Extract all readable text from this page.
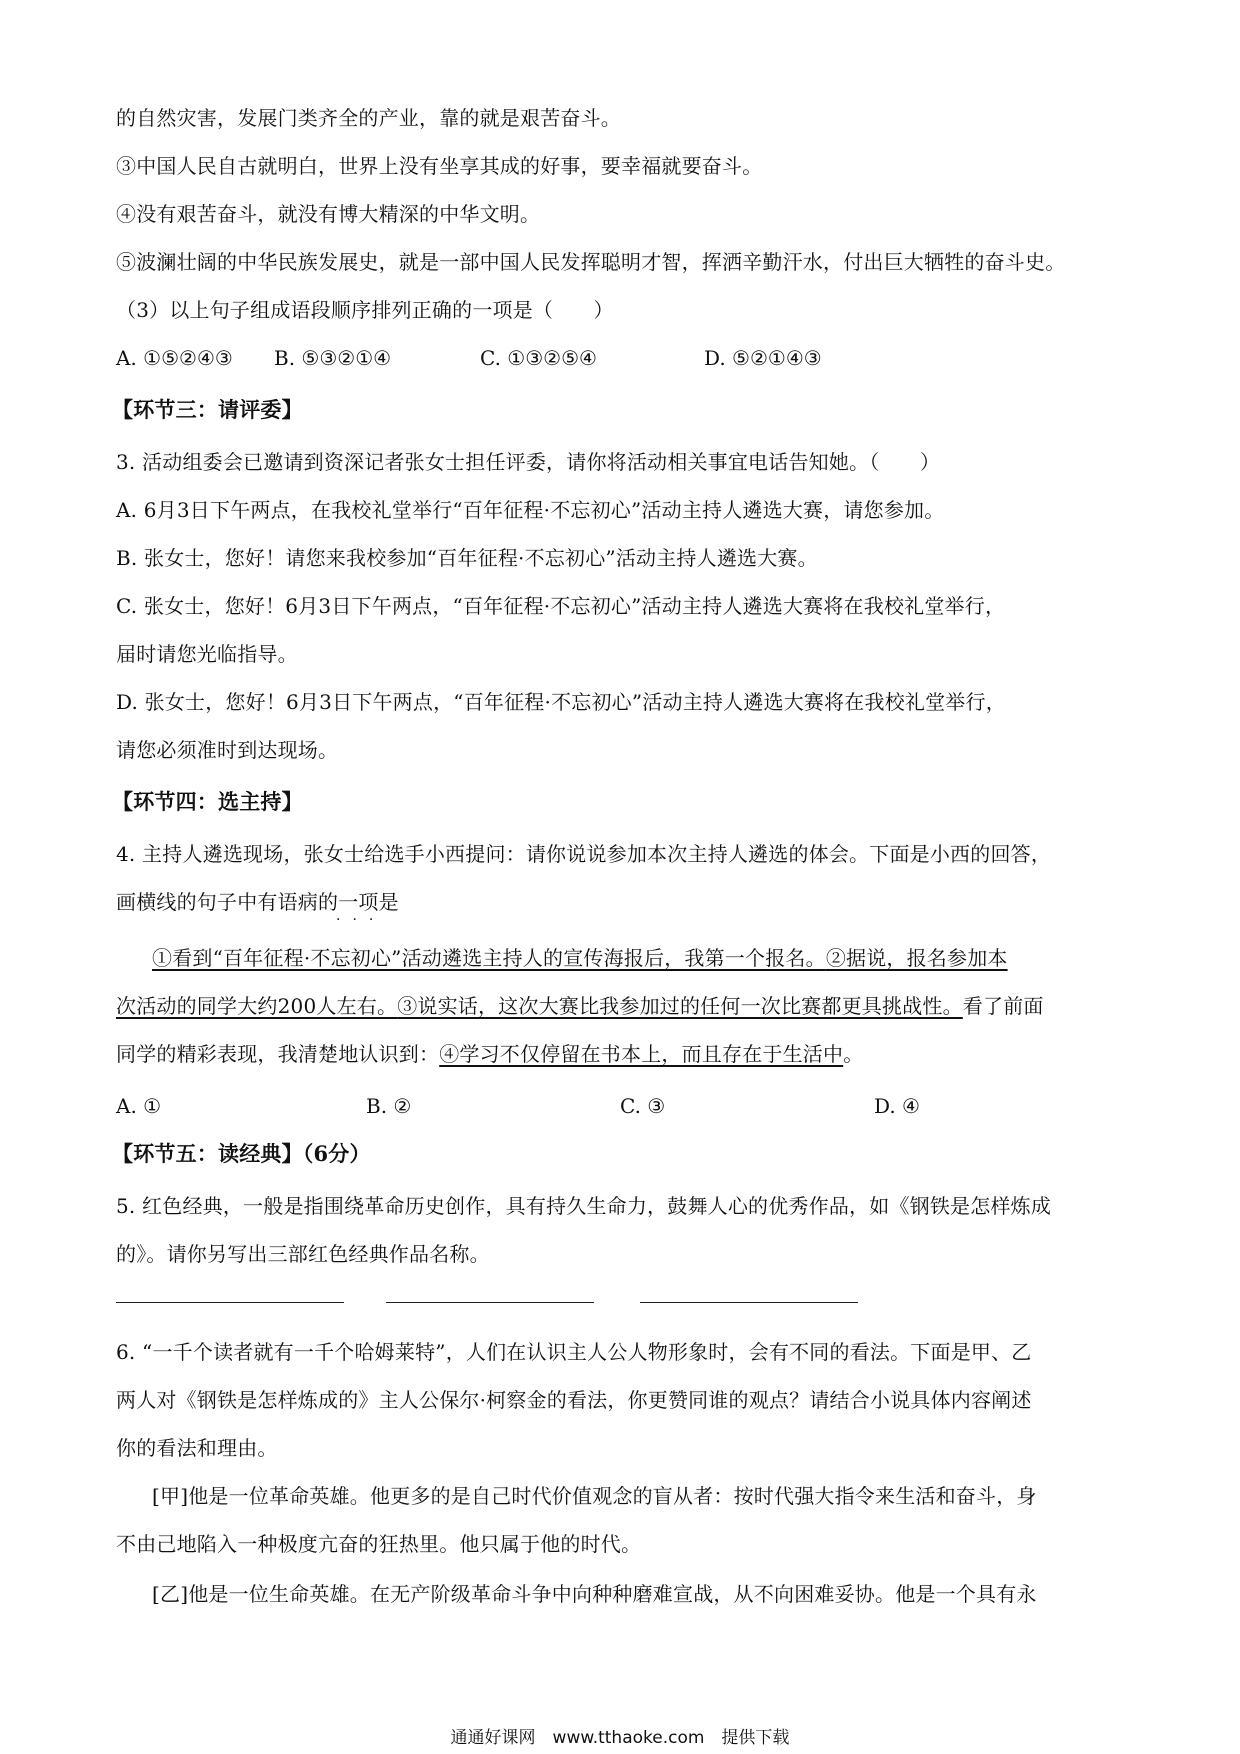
的自然灾害，发展门类齐全的产业，靠的就是艰苦奋斗。
③中国人民自古就明白，世界上没有坐享其成的好事，要幸福就要奋斗。
④没有艰苦奋斗，就没有博大精深的中华文明。
⑤波澜壮阔的中华民族发展史，就是一部中国人民发挥聪明才智，挥洒辛勤汗水，付出巨大牺牲的奋斗史。
（3）以上句子组成语段顺序排列正确的一项是（　　）
A. ①⑤②④③ B. ⑤③②①④	C. ①③②⑤④	D. ⑤②①④③
【环节三：请评委】
3. 活动组委会已邀请到资深记者张女士担任评委，请你将活动相关事宜电话告知她。（　　）
A. 6月3日下午两点，在我校礼堂举行“百年征程·不忘初心”活动主持人遴选大赛，请您参加。
B. 张女士，您好！请您来我校参加“百年征程·不忘初心”活动主持人遴选大赛。
C. 张女士，您好！6月3日下午两点，“百年征程·不忘初心”活动主持人遴选大赛将在我校礼堂举行，
届时请您光临指导。
D. 张女士，您好！6月3日下午两点，“百年征程·不忘初心”活动主持人遴选大赛将在我校礼堂举行，
请您必须准时到达现场。
【环节四：选主持】
4. 主持人遴选现场，张女士给选手小西提问：请你说说参加本次主持人遴选的体会。下面是小西的回答，
画横线的句子中有语病的一项是
···
①看到“百年征程·不忘初心”活动遴选主持人的宣传海报后，我第一个报名。②据说，报名参加本
次活动的同学大约200人左右。③说实话，这次大赛比我参加过的任何一次比赛都更具挑战性。看了前面
同学的精彩表现，我清楚地认识到：④学习不仅停留在书本上，而且存在于生活中。
A. ①	B. ②	C. ③	D. ④
【环节五：读经典】（6分）
5. 红色经典，一般是指围绕革命历史创作，具有持久生命力，鼓舞人心的优秀作品，如《钢铁是怎样炼成
的》。请你另写出三部红色经典作品名称。
6. “一千个读者就有一千个哈姆莱特”，人们在认识主人公人物形象时，会有不同的看法。下面是甲、乙
两人对《钢铁是怎样炼成的》主人公保尔·柯察金的看法，你更赞同谁的观点？请结合小说具体内容阐述
你的看法和理由。
[甲]他是一位革命英雄。他更多的是自己时代价值观念的盲从者：按时代强大指令来生活和奋斗，身
不由己地陷入一种极度亢奋的狂热里。他只属于他的时代。
[乙]他是一位生命英雄。在无产阶级革命斗争中向种种磨难宣战，从不向困难妥协。他是一个具有永
通通好课网　www.tthaoke.com　提供下载
